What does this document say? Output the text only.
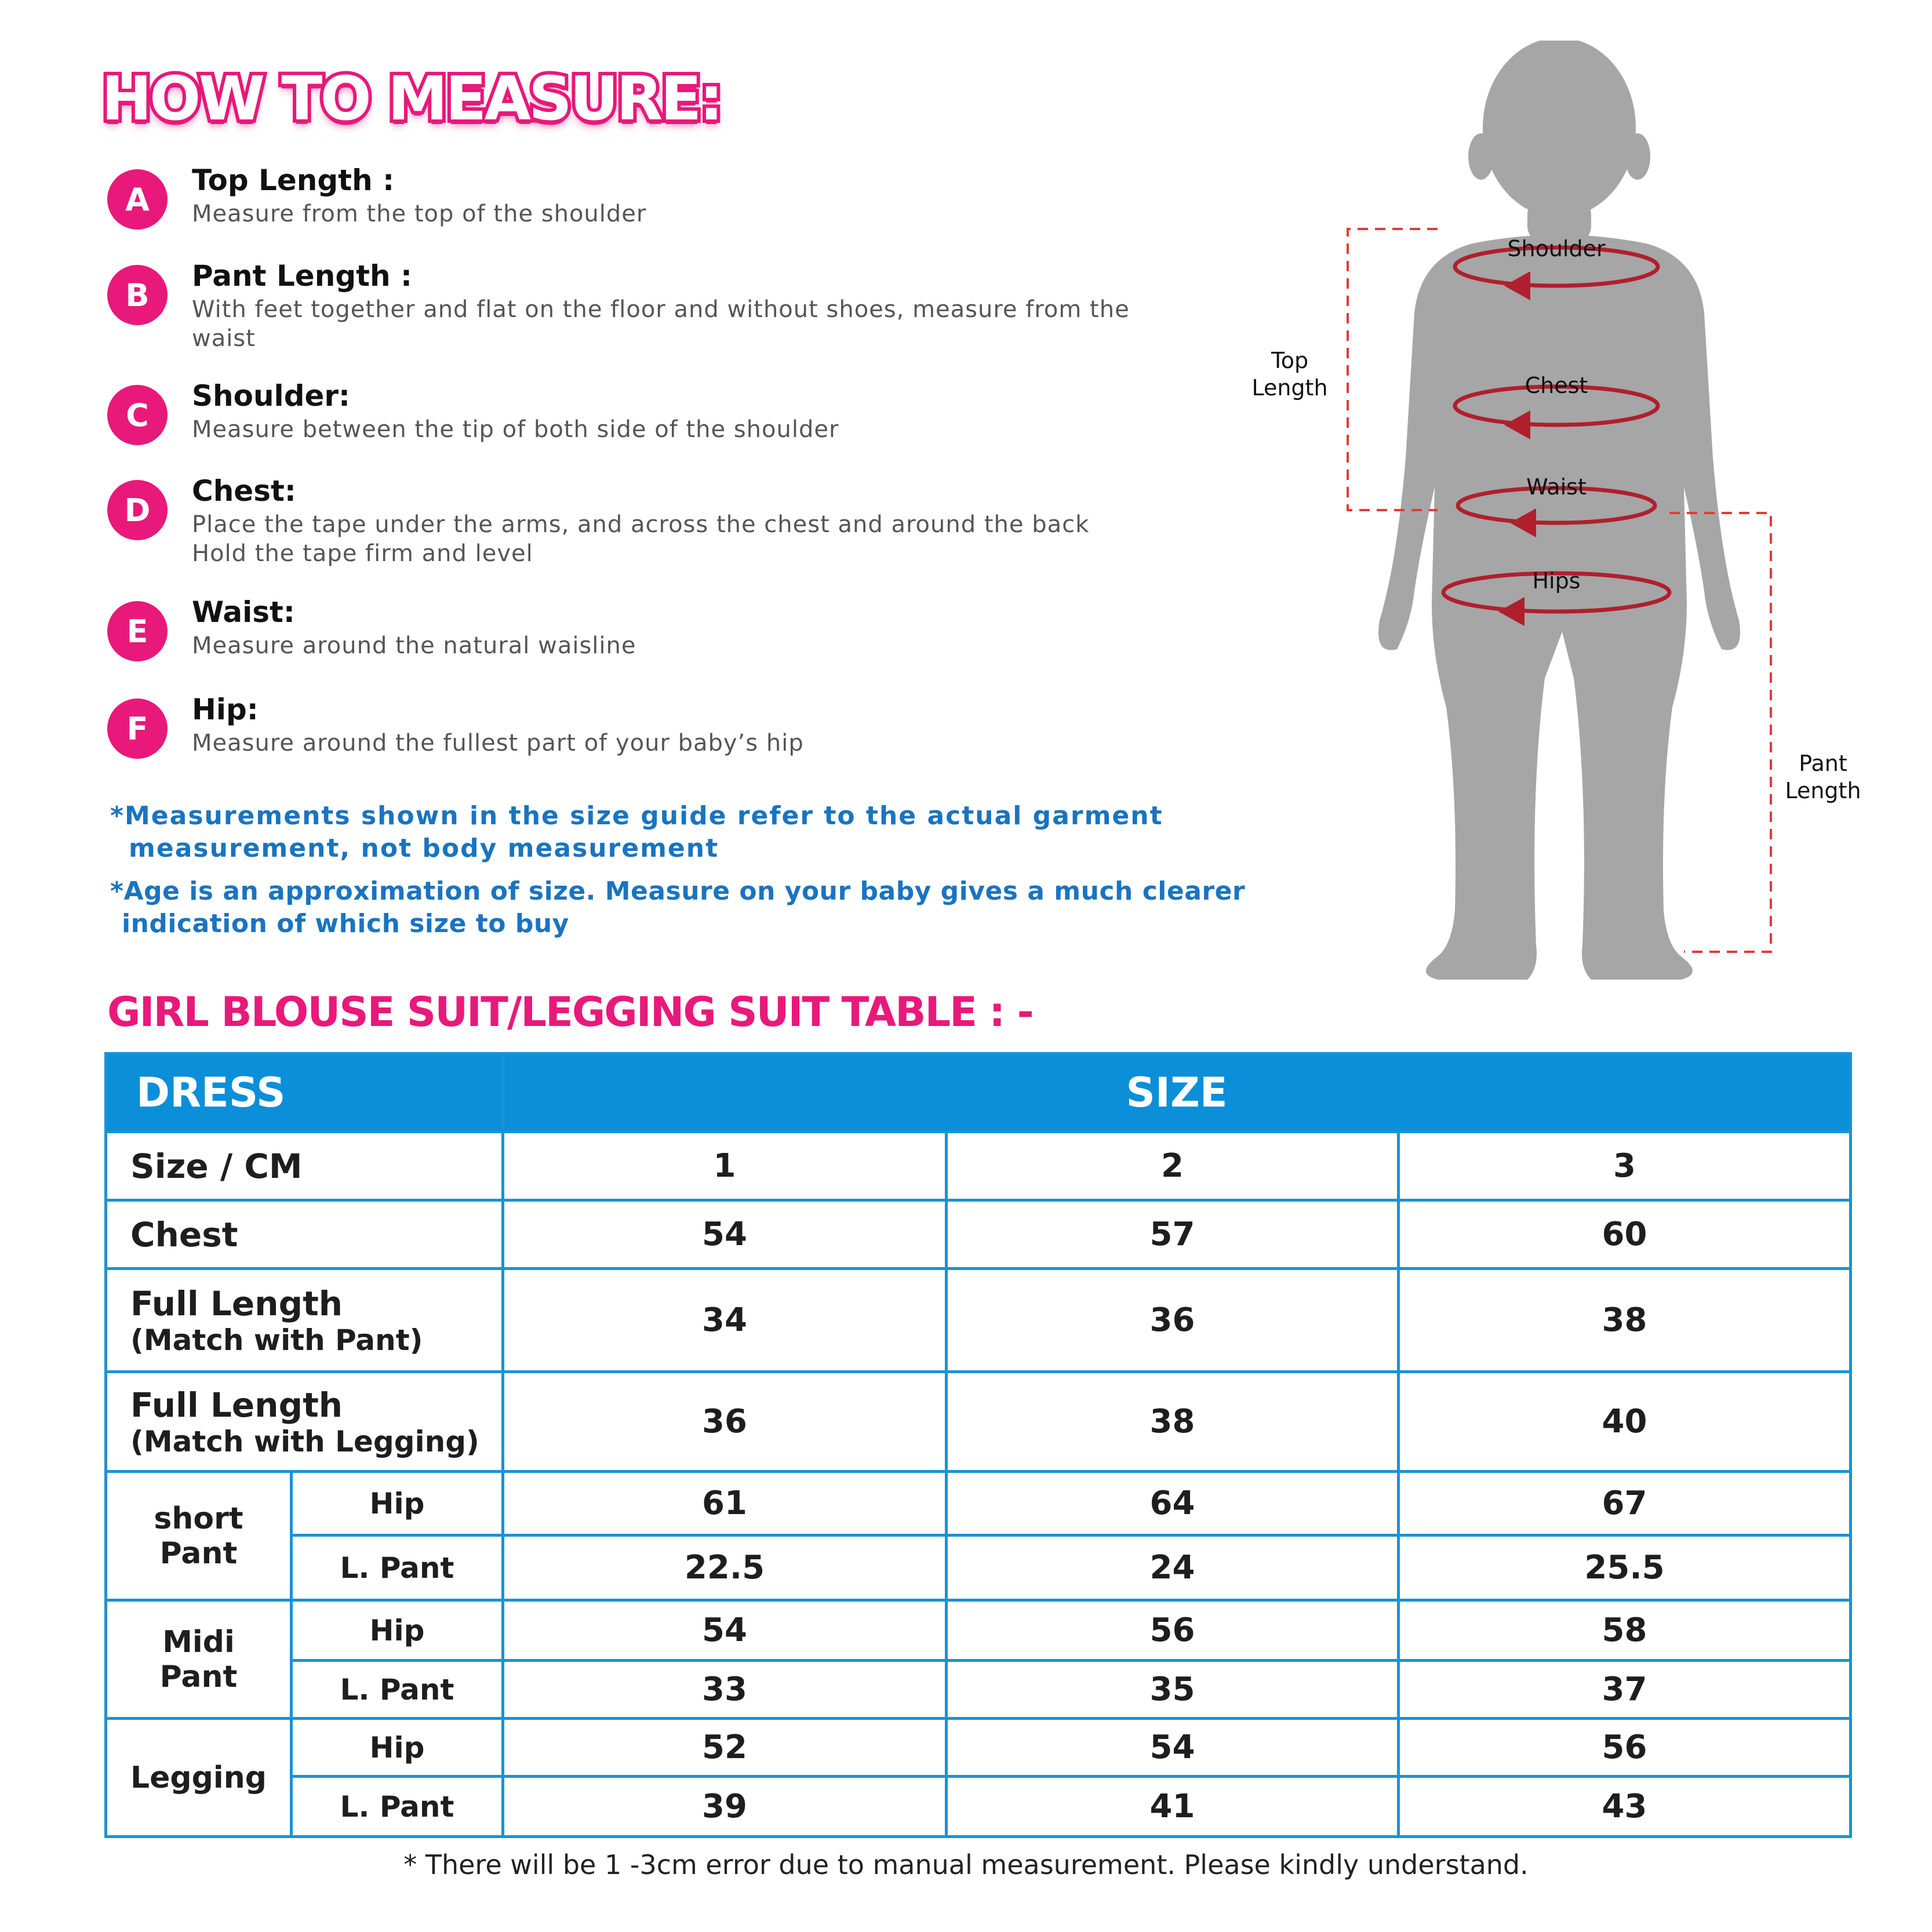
HOW TO MEASURE:
A
Top Length :
Measure from the top of the shoulder
B
Pant Length :
With feet together and flat on the floor and without shoes, measure from the waist
C
Shoulder:
Measure between the tip of both side of the shoulder
D
Chest:
Place the tape under the arms, and across the chest and around the back Hold the tape firm and level
E
Waist:
Measure around the natural waisline
F
Hip:
Measure around the fullest part of your baby’s hip
*Measurements shown in the size guide refer to the actual garment
measurement, not body measurement
*Age is an approximation of size. Measure on your baby gives a much clearer
indication of which size to buy
Shoulder
Chest
Waist
Hips
Top
Length
Pant
Length
GIRL BLOUSE SUIT/LEGGING SUIT TABLE : -
DRESS		SIZE		
Size / CM		1	2	3
Chest		54	57	60
Full Length
(Match with Pant)		34	36	38
Full Length
(Match with Legging)		36	38	40

short
Pant	Hip	61	64	67
	L. Pant	22.5	24	25.5

Midi
Pant	Hip	54	56	58
	L. Pant	33	35	37

Legging	Hip	52	54	56
	L. Pant	39	41	43
* There will be 1 -3cm error due to manual measurement. Please kindly understand.
